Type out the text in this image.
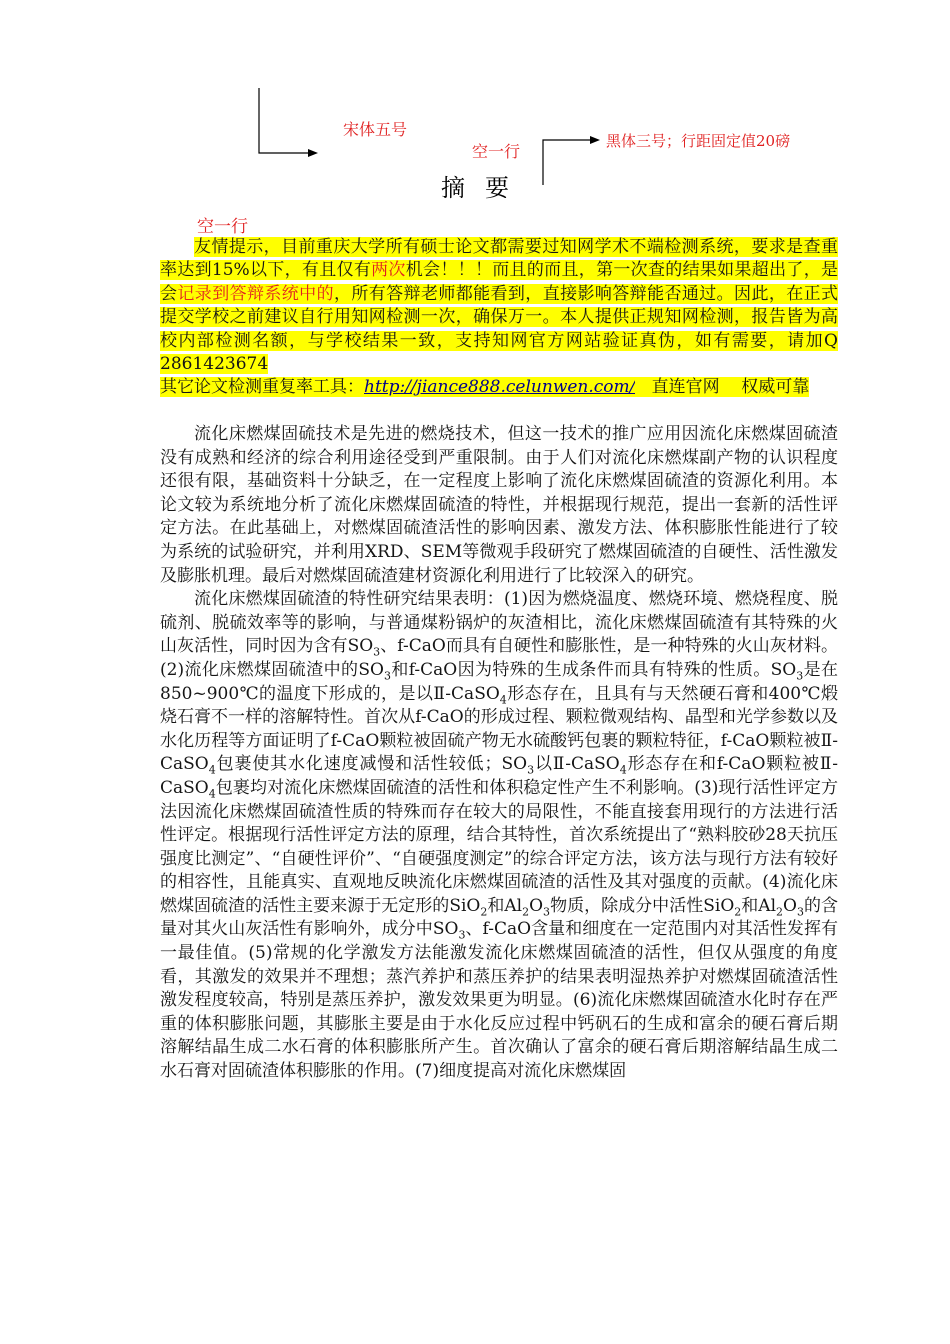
宋体五号
空一行
黑体三号；行距固定值20磅
摘要
空一行

友情提示，目前重庆大学所有硕士论文都需要过知网学术不端检测系统，要求是查重率达到15%以下，有且仅有两次机会！！！而且的而且，第一次查的结果如果超出了，是会记录到答辩系统中的，所有答辩老师都能看到，直接影响答辩能否通过。因此，在正式提交学校之前建议自行用知网检测一次，确保万一。本人提供正规知网检测，报告皆为高校内部检测名额，与学校结果一致，支持知网官方网站验证真伪，如有需要，请加Q 2861423674

其它论文检测重复率工具：http://jiance888.celunwen.com/   直连官网    权威可靠

流化床燃煤固硫技术是先进的燃烧技术，但这一技术的推广应用因流化床燃煤固硫渣没有成熟和经济的综合利用途径受到严重限制。由于人们对流化床燃煤副产物的认识程度还很有限，基础资料十分缺乏，在一定程度上影响了流化床燃煤固硫渣的资源化利用。本论文较为系统地分析了流化床燃煤固硫渣的特性，并根据现行规范，提出一套新的活性评定方法。在此基础上，对燃煤固硫渣活性的影响因素、激发方法、体积膨胀性能进行了较为系统的试验研究，并利用XRD、SEM等微观手段研究了燃煤固硫渣的自硬性、活性激发及膨胀机理。最后对燃煤固硫渣建材资源化利用进行了比较深入的研究。

流化床燃煤固硫渣的特性研究结果表明：(1)因为燃烧温度、燃烧环境、燃烧程度、脱硫剂、脱硫效率等的影响，与普通煤粉锅炉的灰渣相比，流化床燃煤固硫渣有其特殊的火山灰活性，同时因为含有$SO_3$、f-CaO而具有自硬性和膨胀性，是一种特殊的火山灰材料。(2)流化床燃煤固硫渣中的$SO_3$和f-CaO因为特殊的生成条件而具有特殊的性质。$SO_3$是在850~900℃的温度下形成的，是以Ⅱ-CaSO$_4$形态存在，且具有与天然硬石膏和400℃煅烧石膏不一样的溶解特性。首次从f-CaO的形成过程、颗粒微观结构、晶型和光学参数以及水化历程等方面证明了f-CaO颗粒被固硫产物无水硫酸钙包裹的颗粒特征，f-CaO颗粒被Ⅱ-CaSO$_4$包裹使其水化速度减慢和活性较低；$SO_3$以Ⅱ-CaSO$_4$形态存在和f-CaO颗粒被Ⅱ-CaSO$_4$包裹均对流化床燃煤固硫渣的活性和体积稳定性产生不利影响。(3)现行活性评定方法因流化床燃煤固硫渣性质的特殊而存在较大的局限性，不能直接套用现行的方法进行活性评定。根据现行活性评定方法的原理，结合其特性，首次系统提出了“熟料胶砂28天抗压强度比测定”、“自硬性评价”、“自硬强度测定”的综合评定方法，该方法与现行方法有较好的相容性，且能真实、直观地反映流化床燃煤固硫渣的活性及其对强度的贡献。(4)流化床燃煤固硫渣的活性主要来源于无定形的SiO$_2$和$Al_2O_3$物质，除成分中活性SiO$_2$和$Al_2O_3$的含量对其火山灰活性有影响外，成分中$SO_3$、f-CaO含量和细度在一定范围内对其活性发挥有一最佳值。(5)常规的化学激发方法能激发流化床燃煤固硫渣的活性，但仅从强度的角度看，其激发的效果并不理想；蒸汽养护和蒸压养护的结果表明湿热养护对燃煤固硫渣活性激发程度较高，特别是蒸压养护，激发效果更为明显。(6)流化床燃煤固硫渣水化时存在严重的体积膨胀问题，其膨胀主要是由于水化反应过程中钙矾石的生成和富余的硬石膏后期溶解结晶生成二水石膏的体积膨胀所产生。首次确认了富余的硬石膏后期溶解结晶生成二水石膏对固硫渣体积膨胀的作用。(7)细度提高对流化床燃煤固
